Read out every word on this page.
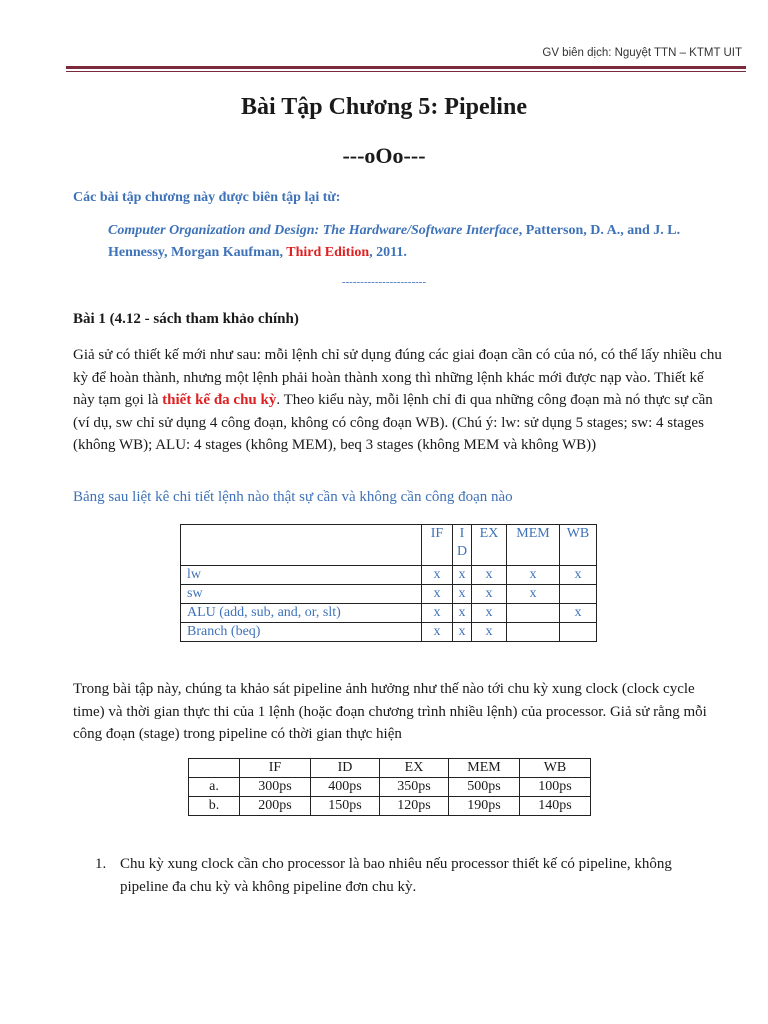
GV biên dịch: Nguyệt TTN – KTMT UIT
Bài Tập Chương 5: Pipeline
---oOo---
Các bài tập chương này được biên tập lại từ:
Computer Organization and Design: The Hardware/Software Interface, Patterson, D. A., and J. L. Hennessy, Morgan Kaufman, Third Edition, 2011.
-----------------------
Bài 1 (4.12 - sách tham khảo chính)
Giả sử có thiết kế mới như sau: mỗi lệnh chỉ sử dụng đúng các giai đoạn cần có của nó, có thể lấy nhiều chu kỳ để hoàn thành, nhưng một lệnh phải hoàn thành xong thì những lệnh khác mới được nạp vào. Thiết kế này tạm gọi là thiết kế đa chu kỳ. Theo kiểu này, mỗi lệnh chỉ đi qua những công đoạn mà nó thực sự cần (ví dụ, sw chỉ sử dụng 4 công đoạn, không có công đoạn WB). (Chú ý: lw: sử dụng 5 stages; sw: 4 stages (không WB); ALU: 4 stages (không MEM), beq 3 stages (không MEM và không WB))
Bảng sau liệt kê chi tiết lệnh nào thật sự cần và không cần công đoạn nào
	IF	I D	EX	MEM	WB
lw	x	x	x	x	x
sw	x	x	x	x	
ALU (add, sub, and, or, slt)	x	x	x		x
Branch (beq)	x	x	x		
Trong bài tập này, chúng ta khảo sát pipeline ảnh hưởng như thế nào tới chu kỳ xung clock (clock cycle time) và thời gian thực thi của 1 lệnh (hoặc đoạn chương trình nhiều lệnh) của processor. Giả sử rằng mỗi công đoạn (stage) trong pipeline có thời gian thực hiện
	IF	ID	EX	MEM	WB
a.	300ps	400ps	350ps	500ps	100ps
b.	200ps	150ps	120ps	190ps	140ps
1. Chu kỳ xung clock cần cho processor là bao nhiêu nếu processor thiết kế có pipeline, không pipeline đa chu kỳ và không pipeline đơn chu kỳ.
